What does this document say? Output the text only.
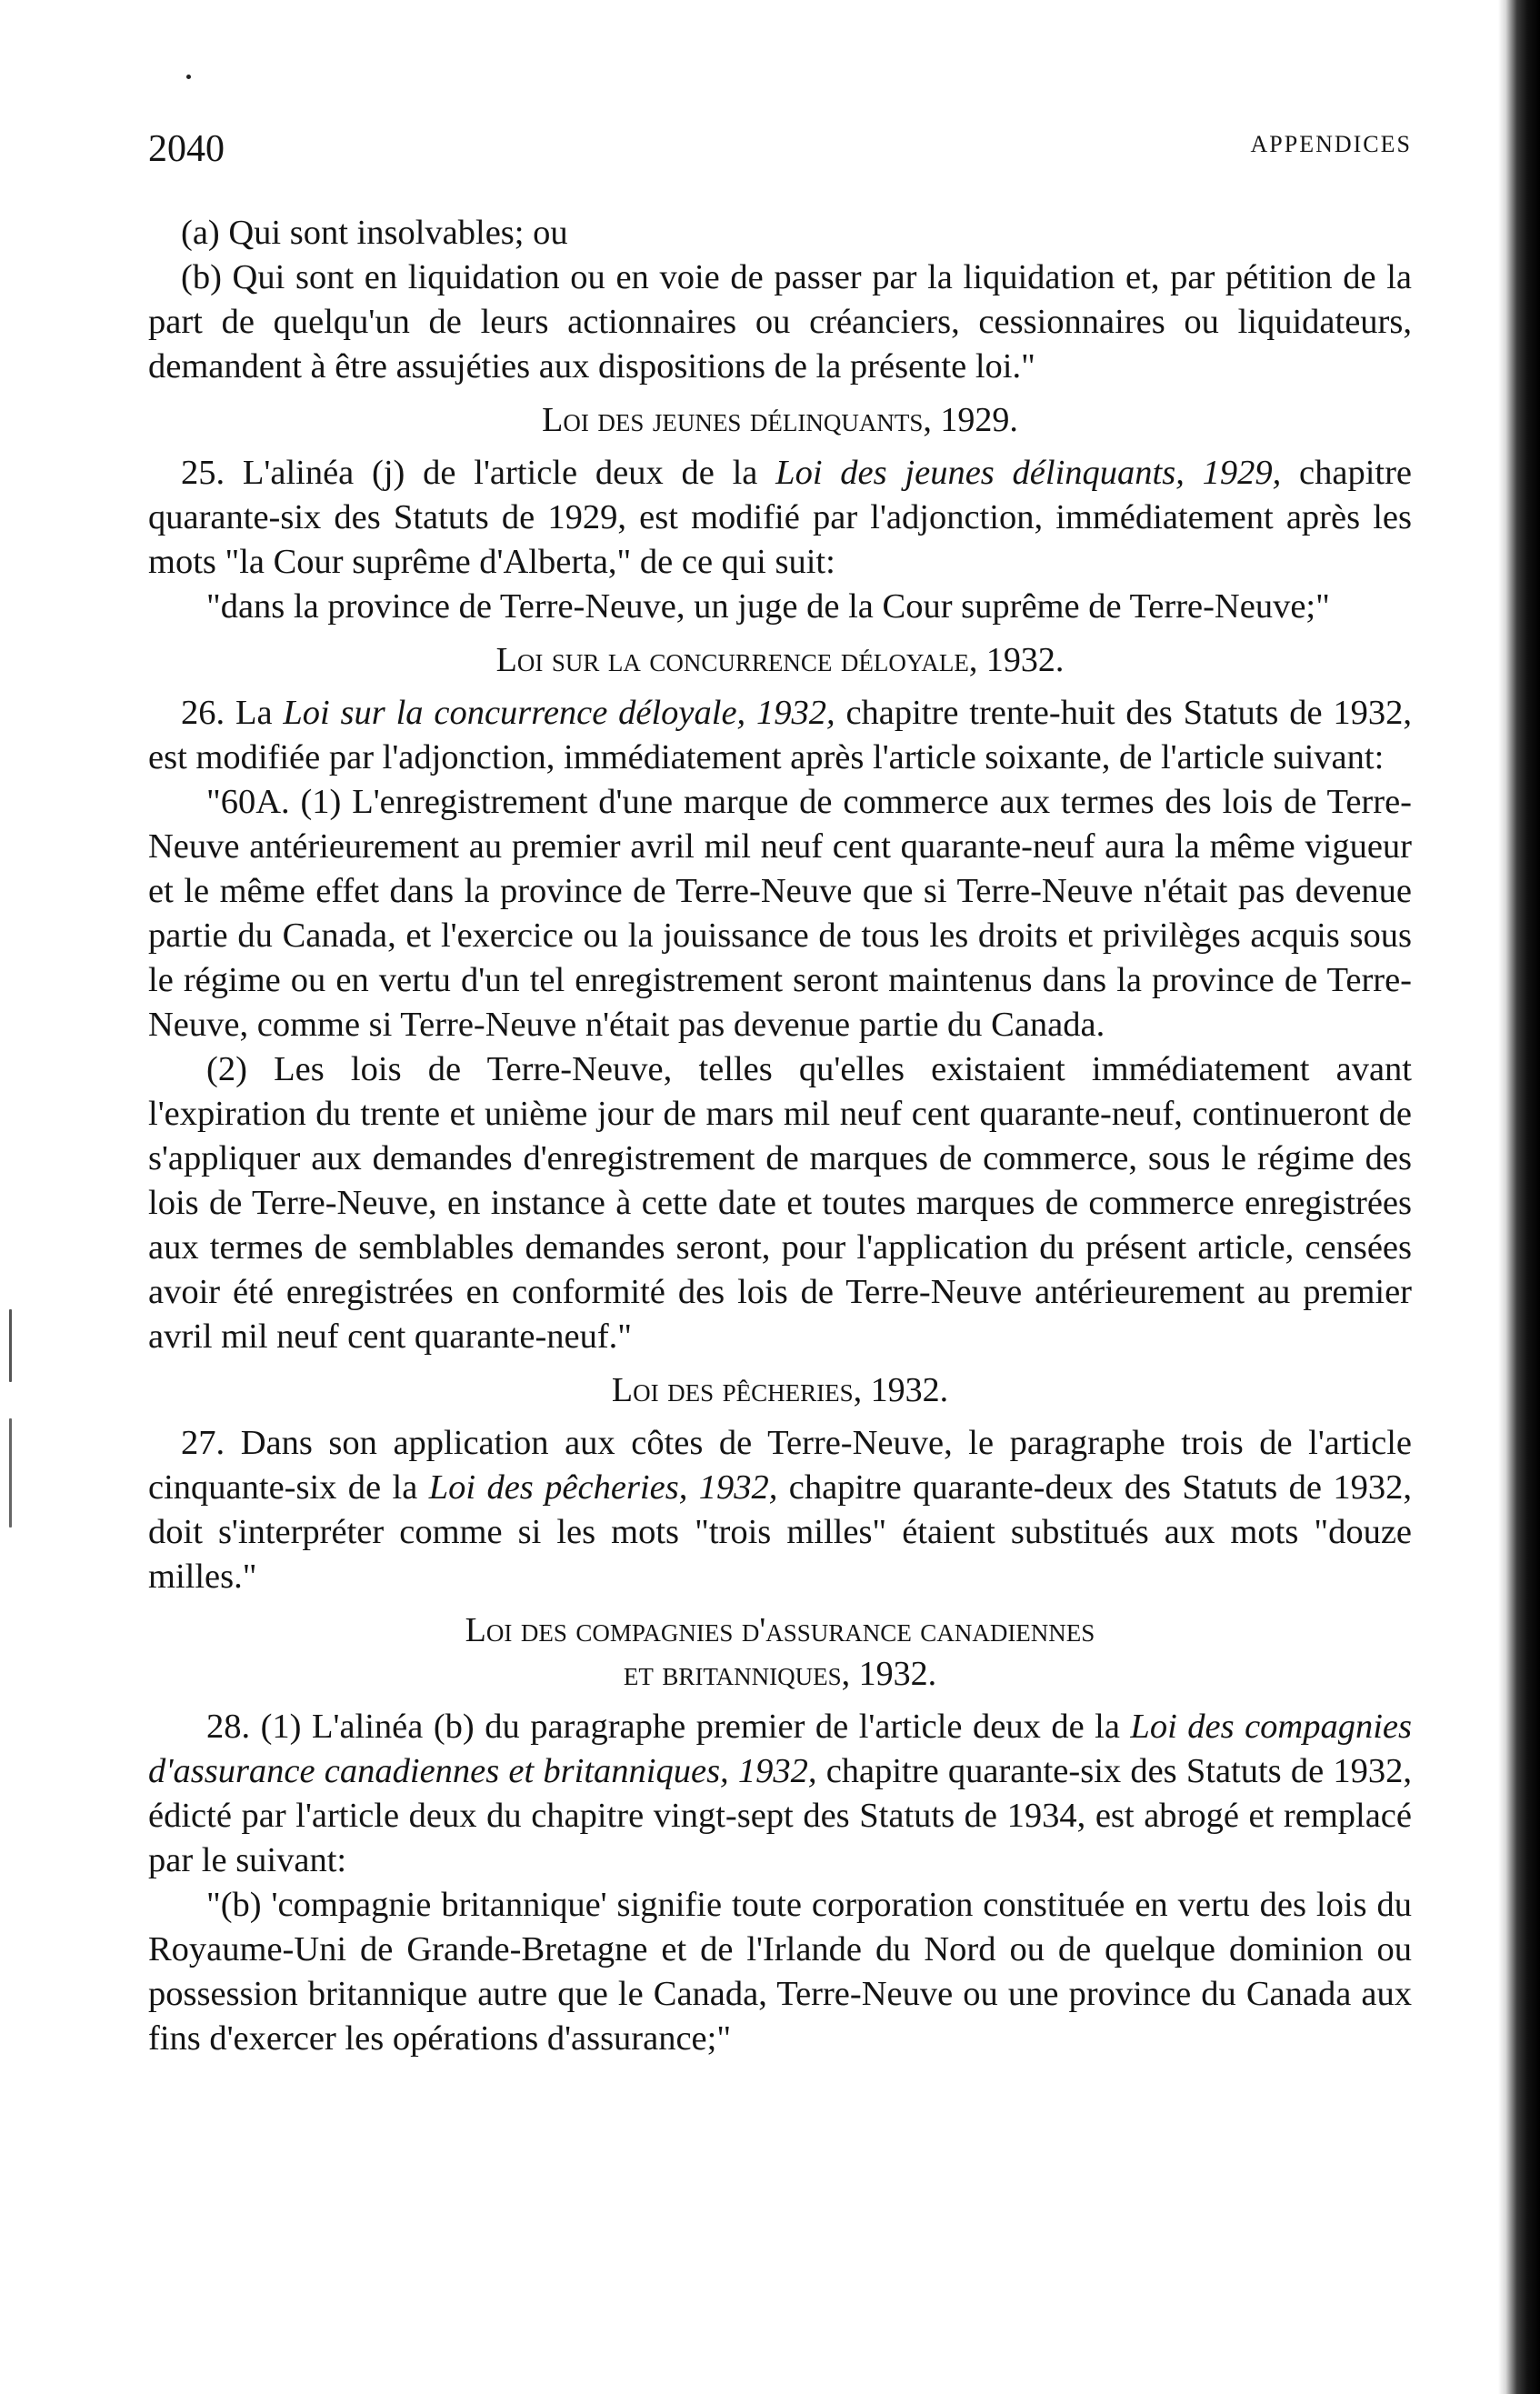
2040	APPENDICES

(a) Qui sont insolvables; ou

(b) Qui sont en liquidation ou en voie de passer par la liquidation et, par pétition de la part de quelqu'un de leurs actionnaires ou créanciers, cessionnaires ou liquidateurs, demandent à être assujéties aux dispositions de la présente loi."

Loi des jeunes délinquants, 1929.

25. L'alinéa (j) de l'article deux de la Loi des jeunes délinquants, 1929, chapitre quarante-six des Statuts de 1929, est modifié par l'adjonction, immédiatement après les mots "la Cour suprême d'Alberta," de ce qui suit:

"dans la province de Terre-Neuve, un juge de la Cour suprême de Terre-Neuve;"

Loi sur la concurrence déloyale, 1932.

26. La Loi sur la concurrence déloyale, 1932, chapitre trente-huit des Statuts de 1932, est modifiée par l'adjonction, immédiatement après l'article soixante, de l'article suivant:

"60A. (1) L'enregistrement d'une marque de commerce aux termes des lois de Terre-Neuve antérieurement au premier avril mil neuf cent quarante-neuf aura la même vigueur et le même effet dans la province de Terre-Neuve que si Terre-Neuve n'était pas devenue partie du Canada, et l'exercice ou la jouissance de tous les droits et privilèges acquis sous le régime ou en vertu d'un tel enregistrement seront maintenus dans la province de Terre-Neuve, comme si Terre-Neuve n'était pas devenue partie du Canada.

(2) Les lois de Terre-Neuve, telles qu'elles existaient immédiatement avant l'expiration du trente et unième jour de mars mil neuf cent quarante-neuf, continueront de s'appliquer aux demandes d'enregistrement de marques de commerce, sous le régime des lois de Terre-Neuve, en instance à cette date et toutes marques de commerce enregistrées aux termes de semblables demandes seront, pour l'application du présent article, censées avoir été enregistrées en conformité des lois de Terre-Neuve antérieurement au premier avril mil neuf cent quarante-neuf."

Loi des pêcheries, 1932.

27. Dans son application aux côtes de Terre-Neuve, le paragraphe trois de l'article cinquante-six de la Loi des pêcheries, 1932, chapitre quarante-deux des Statuts de 1932, doit s'interpréter comme si les mots "trois milles" étaient substitués aux mots "douze milles."

Loi des compagnies d'assurance canadiennes
et britanniques, 1932.

28. (1) L'alinéa (b) du paragraphe premier de l'article deux de la Loi des compagnies d'assurance canadiennes et britanniques, 1932, chapitre quarante-six des Statuts de 1932, édicté par l'article deux du chapitre vingt-sept des Statuts de 1934, est abrogé et remplacé par le suivant:

"(b) 'compagnie britannique' signifie toute corporation constituée en vertu des lois du Royaume-Uni de Grande-Bretagne et de l'Irlande du Nord ou de quelque dominion ou possession britannique autre que le Canada, Terre-Neuve ou une province du Canada aux fins d'exercer les opérations d'assurance;"
